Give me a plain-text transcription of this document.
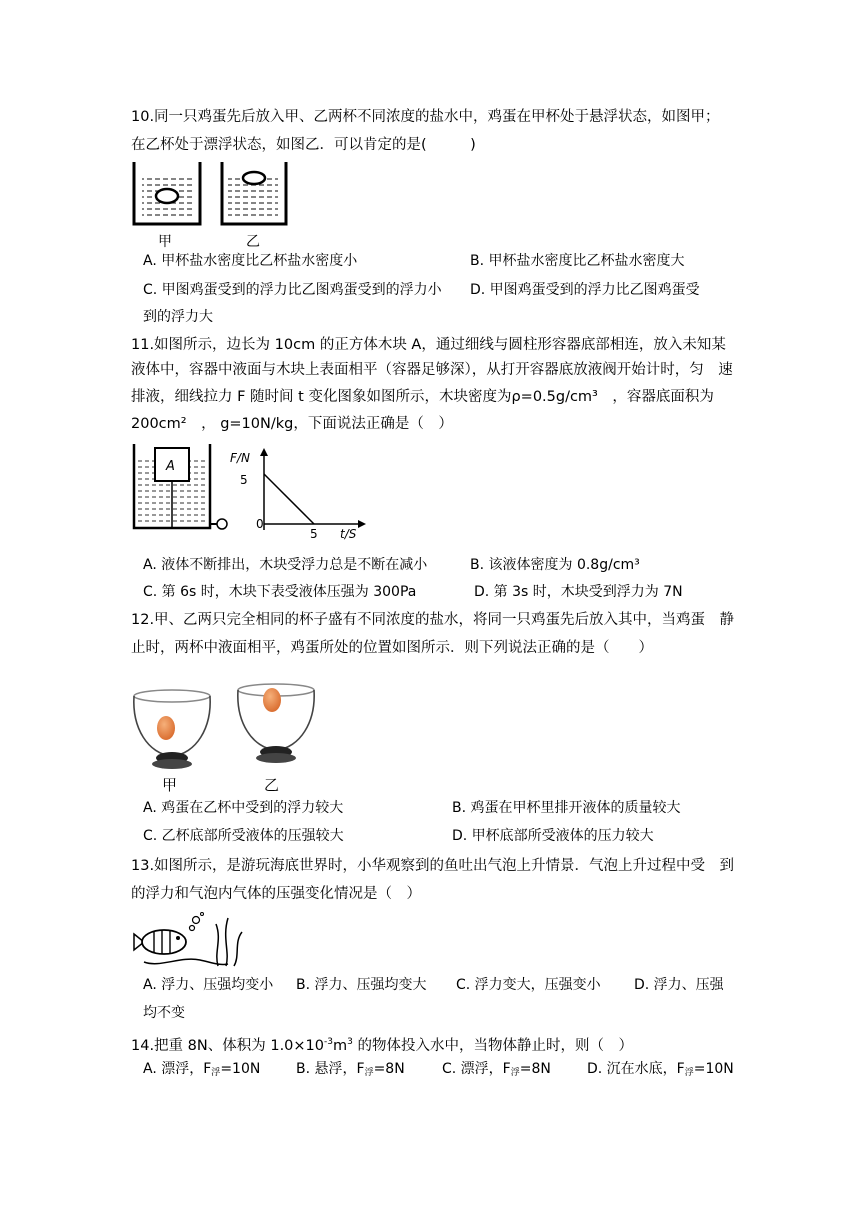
10.同一只鸡蛋先后放入甲、乙两杯不同浓度的盐水中，鸡蛋在甲杯处于悬浮状态，如图甲；
在乙杯处于漂浮状态，如图乙．可以肯定的是(　　　)
甲	乙
A. 甲杯盐水密度比乙杯盐水密度小	B. 甲杯盐水密度比乙杯盐水密度大
C. 甲图鸡蛋受到的浮力比乙图鸡蛋受到的浮力小 D. 甲图鸡蛋受到的浮力比乙图鸡蛋受
到的浮力大
11.如图所示，边长为 10cm 的正方体木块 A，通过细线与圆柱形容器底部相连，放入未知某
液体中，容器中液面与木块上表面相平（容器足够深），从打开容器底放液阀开始计时，匀　速
排液，细线拉力 F 随时间 t 变化图象如图所示，木块密度为ρ=0.5g/cm³　，容器底面积为
200cm²　， g=10N/kg，下面说法正确是（　）
A
F/N
5
0
5 t/S
A. 液体不断排出，木块受浮力总是不断在减小	B. 该液体密度为 0.8g/cm³
C. 第 6s 时，木块下表受液体压强为 300Pa	D. 第 3s 时，木块受到浮力为 7N
12.甲、乙两只完全相同的杯子盛有不同浓度的盐水，将同一只鸡蛋先后放入其中，当鸡蛋　静
止时，两杯中液面相平，鸡蛋所处的位置如图所示．则下列说法正确的是（　　）
甲	乙
A. 鸡蛋在乙杯中受到的浮力较大	B. 鸡蛋在甲杯里排开液体的质量较大
C. 乙杯底部所受液体的压强较大	D. 甲杯底部所受液体的压力较大
13.如图所示，是游玩海底世界时，小华观察到的鱼吐出气泡上升情景．气泡上升过程中受　到
的浮力和气泡内气体的压强变化情况是（　）
A. 浮力、压强均变小 B. 浮力、压强均变大 C. 浮力变大，压强变小 D. 浮力、压强
均不变
14.把重 8N、体积为 $1.0\times 10^{-3}m^3$ 的物体投入水中，当物体静止时，则（　）
A. 漂浮，$F_浮=10N$	B. 悬浮，$F_浮=8N$	C. 漂浮，$F_浮=8N$	D. 沉在水底，$F_浮=10N$
